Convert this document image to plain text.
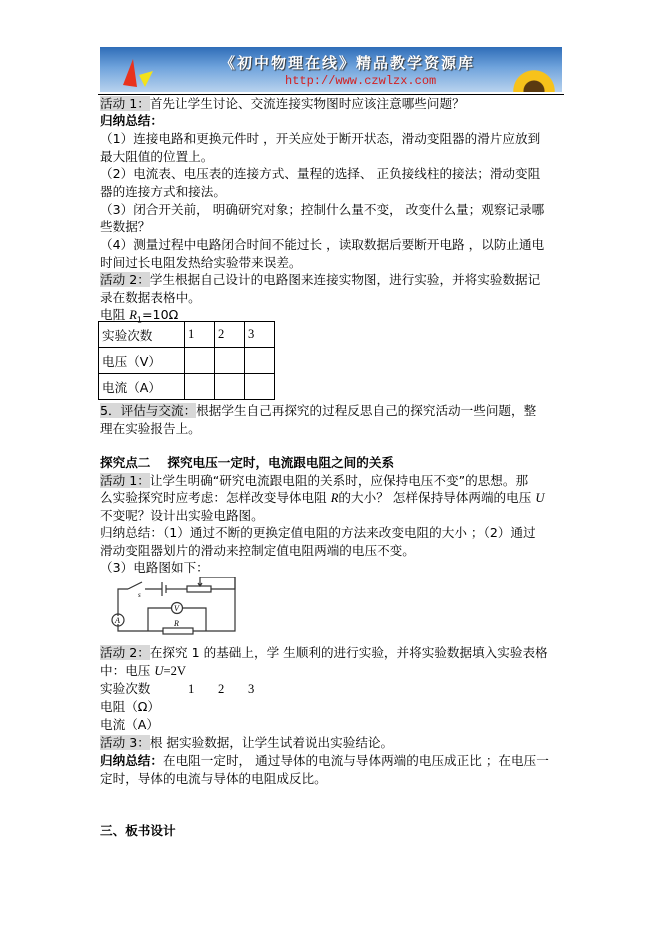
《初中物理在线》精品教学资源库
http://www.czwlzx.com
活动 1：首先让学生讨论、交流连接实物图时应该注意哪些问题？
归纳总结：
（1）连接电路和更换元件时 ，开关应处于断开状态，滑动变阻器的滑片应放到
最大阻值的位置上。
（2）电流表、电压表的连接方式、量程的选择、 正负接线柱的接法；滑动变阻
器的连接方式和接法。
（3）闭合开关前， 明确研究对象；控制什么量不变， 改变什么量；观察记录哪
些数据？
（4）测量过程中电路闭合时间不能过长 ，读取数据后要断开电路 ，以防止通电
时间过长电阻发热给实验带来误差。
活动 2：学生根据自己设计的电路图来连接实物图，进行实验，并将实验数据记
录在数据表格中。
电阻 $R_1=10\Omega$
实验次数	1	2	3
电压（V）			
电流（A）			
5．评估与交流：根据学生自己再探究的过程反思自己的探究活动一些问题，整
理在实验报告上。
探究点二　 探究电压一定时，电流跟电阻之间的关系
活动 1：让学生明确“研究电流跟电阻的关系时，应保持电压不变”的思想。那
么实验探究时应考虑：怎样改变导体电阻 R的大小？ 怎样保持导体两端的电压 U
不变呢？设计出实验电路图。
归纳总结：（1）通过不断的更换定值电阻的方法来改变电阻的大小 ；（2）通过
滑动变阻器划片的滑动来控制定值电阻两端的电压不变。
（3）电路图如下：
s
A
V
R
活动 2：在探究 1 的基础上，学 生顺利的进行实验，并将实验数据填入实验表格
中：电压 U=2V
实验次数	1 2 3
电阻（Ω）
电流（A）
活动 3：根 据实验数据，让学生试着说出实验结论。
归纳总结：在电阻一定时， 通过导体的电流与导体两端的电压成正比 ；在电压一
定时，导体的电流与导体的电阻成反比。
三、板书设计
